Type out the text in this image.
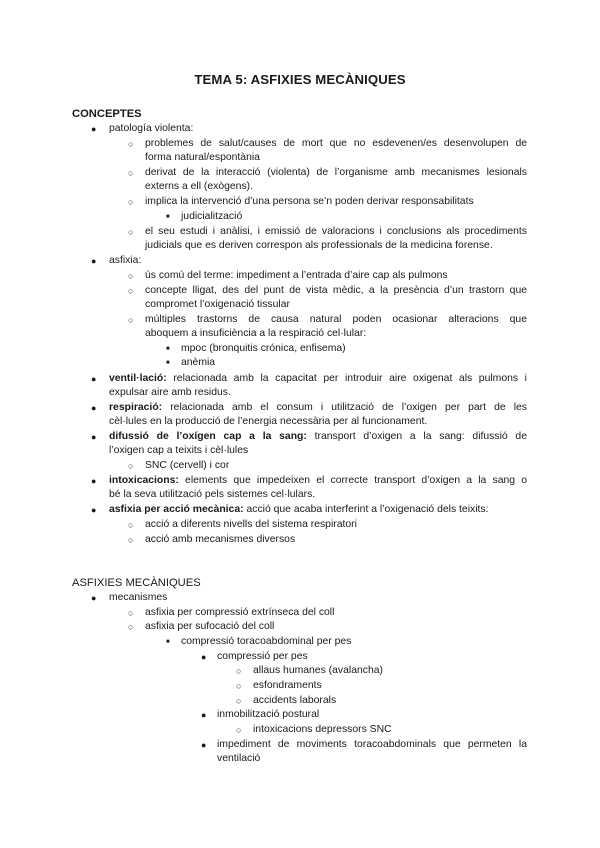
TEMA 5: ASFIXIES MECÀNIQUES
CONCEPTES
● patología violenta:
○ problemes de salut/causes de mort que no esdevenen/es desenvolupen de
forma natural/espontània
○ derivat de la interacció (violenta) de l’organisme amb mecanismes lesionals
externs a ell (exògens).
○ implica la intervenció d’una persona se’n poden derivar responsabilitats
■ judicialització
○ el seu estudi i anàlisi, i emissió de valoracions i conclusions als procediments
judicials que es deriven correspon als professionals de la medicina forense.
● asfixia:
○ ús comú del terme: impediment a l’entrada d’aire cap als pulmons
○ concepte lligat, des del punt de vista mèdic, a la presència d’un trastorn que
compromet l’oxigenació tissular
○ múltiples trastorns de causa natural poden ocasionar alteracions que
aboquem a insuficiència a la respiració cel·lular:
■ mpoc (bronquitis crónica, enfisema)
■ anèmia
● ventil·lació: relacionada amb la capacitat per introduir aire oxigenat als pulmons i
expulsar aire amb residus.
● respiració: relacionada amb el consum i utilització de l’oxigen per part de les
cèl·lules en la producció de l’energia necessària per al funcionament.
● difussió de l’oxígen cap a la sang: transport d’oxigen a la sang: difussió de
l’oxigen cap a teixits i cèl·lules
○ SNC (cervell) i cor
● intoxicacions: elements que impedeixen el correcte transport d’oxigen a la sang o
bé la seva utilització pels sistemes cel·lulars.
● asfixia per acció mecànica: acció que acaba interferint a l’oxigenació dels teixits:
○ acció a diferents nivells del sistema respiratori
○ acció amb mecanismes diversos
ASFIXIES MECÀNIQUES
● mecanismes
○ asfixia per compressió extrínseca del coll
○ asfixia per sufocació del coll
■ compressió toracoabdominal per pes
● compressió per pes
○ allaus humanes (avalancha)
○ esfondraments
○ accidents laborals
● inmobilització postural
○ intoxicacions depressors SNC
● impediment de moviments toracoabdominals que permeten la
ventilació
